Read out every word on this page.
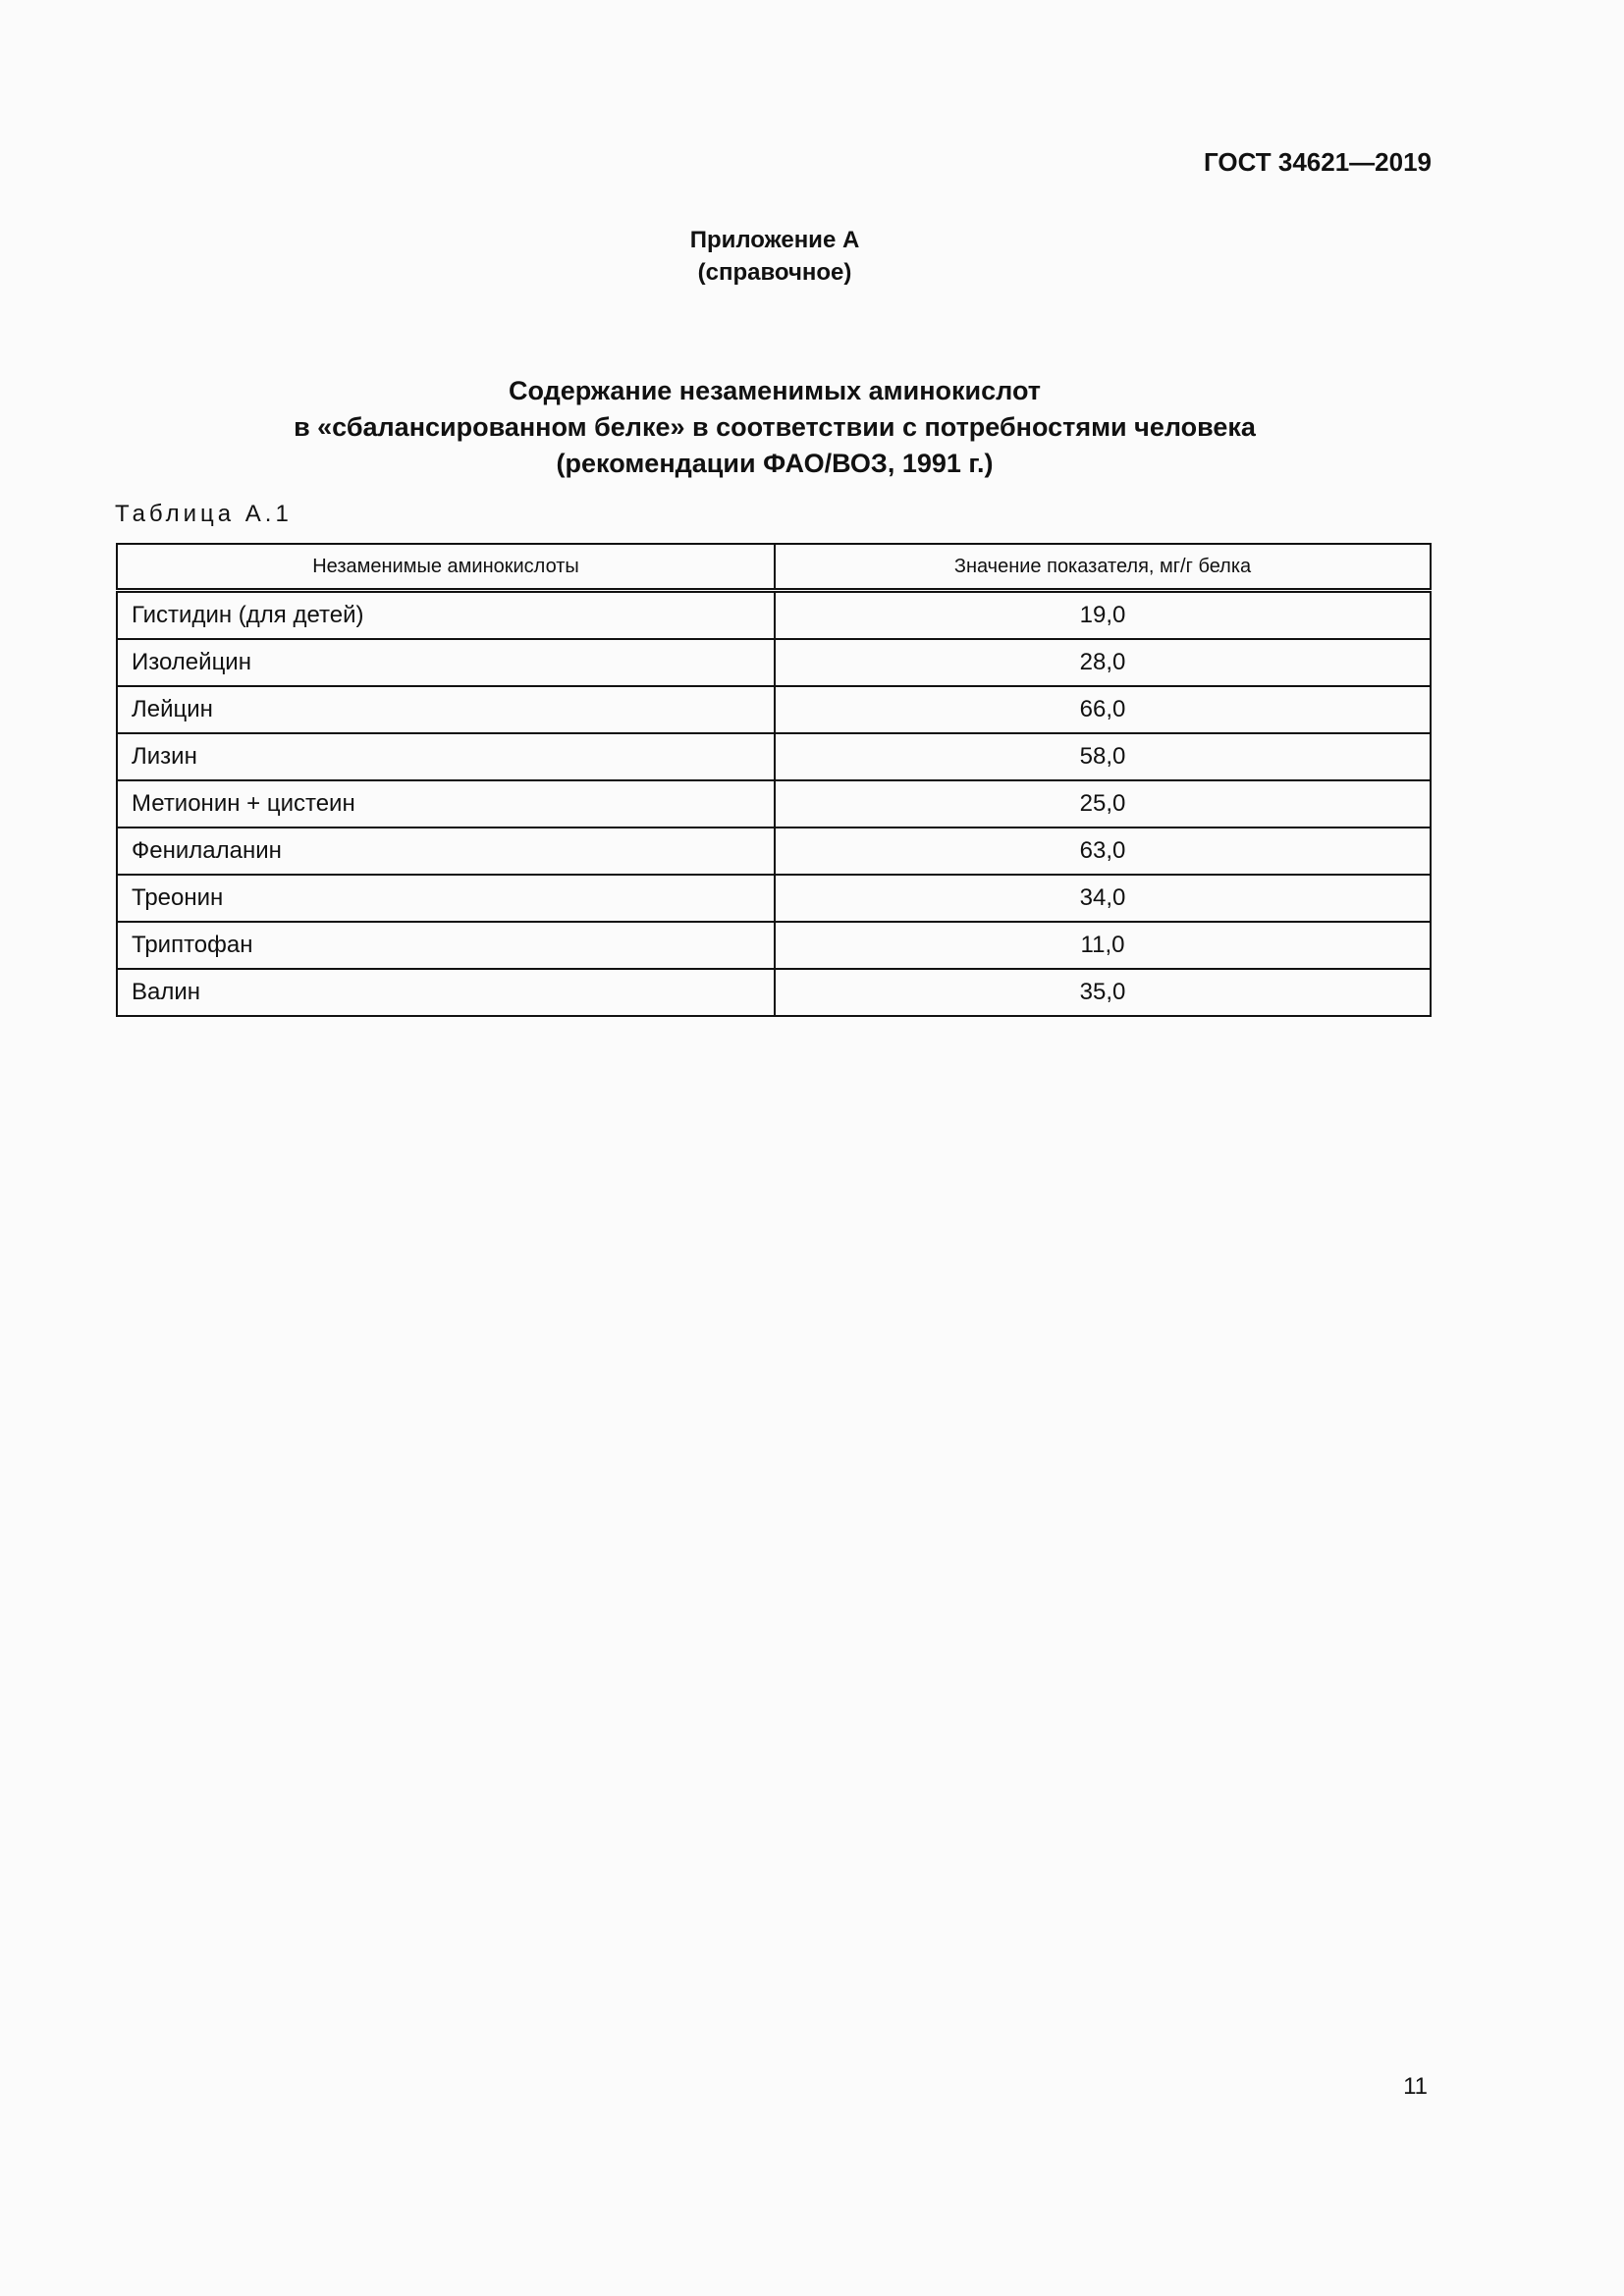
ГОСТ 34621—2019
Приложение А
(справочное)
Содержание незаменимых аминокислот
в «сбалансированном белке» в соответствии с потребностями человека
(рекомендации ФАО/ВОЗ, 1991 г.)
Таблица А.1
Незаменимые аминокислоты	Значение показателя, мг/г белка
Гистидин (для детей)	19,0
Изолейцин	28,0
Лейцин	66,0
Лизин	58,0
Метионин + цистеин	25,0
Фенилаланин	63,0
Треонин	34,0
Триптофан	11,0
Валин	35,0
11
